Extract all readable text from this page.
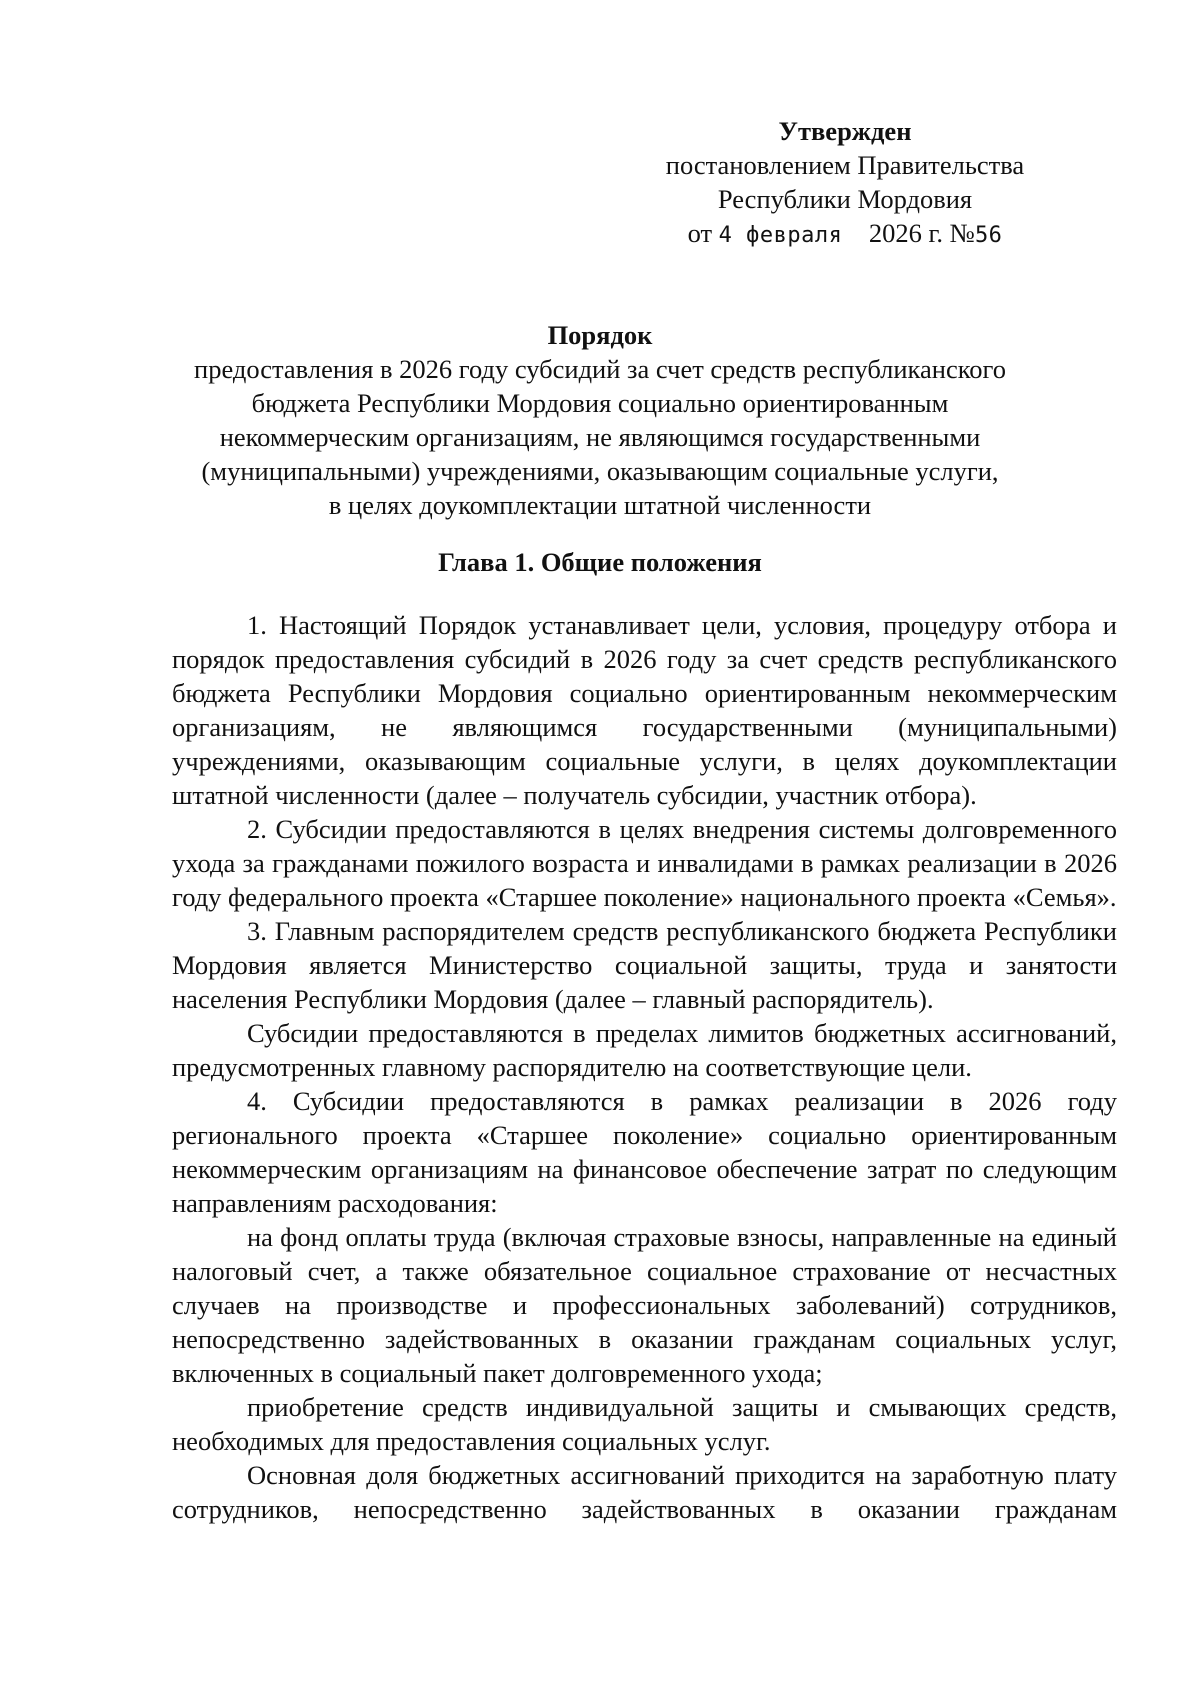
Утвержден
постановлением Правительства
Республики Мордовия
от 4 февраля 2026 г. №56
Порядок
предоставления в 2026 году субсидий за счет средств республиканского
бюджета Республики Мордовия социально ориентированным
некоммерческим организациям, не являющимся государственными
(муниципальными) учреждениями, оказывающим социальные услуги,
в целях доукомплектации штатной численности
Глава 1. Общие положения

1. Настоящий Порядок устанавливает цели, условия, процедуру отбора и порядок предоставления субсидий в 2026 году за счет средств республиканского бюджета Республики Мордовия социально ориентированным некоммерческим организациям, не являющимся государственными (муниципальными) учреждениями, оказывающим социальные услуги, в целях доукомплектации штатной численности (далее – получатель субсидии, участник отбора).

2. Субсидии предоставляются в целях внедрения системы долговременного ухода за гражданами пожилого возраста и инвалидами в рамках реализации в 2026 году федерального проекта «Старшее поколение» национального проекта «Семья».

3. Главным распорядителем средств республиканского бюджета Республики Мордовия является Министерство социальной защиты, труда и занятости населения Республики Мордовия (далее – главный распорядитель).

Субсидии предоставляются в пределах лимитов бюджетных ассигнований, предусмотренных главному распорядителю на соответствующие цели.

4. Субсидии предоставляются в рамках реализации в 2026 году регионального проекта «Старшее поколение» социально ориентированным некоммерческим организациям на финансовое обеспечение затрат по следующим направлениям расходования:

на фонд оплаты труда (включая страховые взносы, направленные на единый налоговый счет, а также обязательное социальное страхование от несчастных случаев на производстве и профессиональных заболеваний) сотрудников, непосредственно задействованных в оказании гражданам социальных услуг, включенных в социальный пакет долговременного ухода;

приобретение средств индивидуальной защиты и смывающих средств, необходимых для предоставления социальных услуг.

Основная доля бюджетных ассигнований приходится на заработную плату сотрудников, непосредственно задействованных в оказании гражданам
